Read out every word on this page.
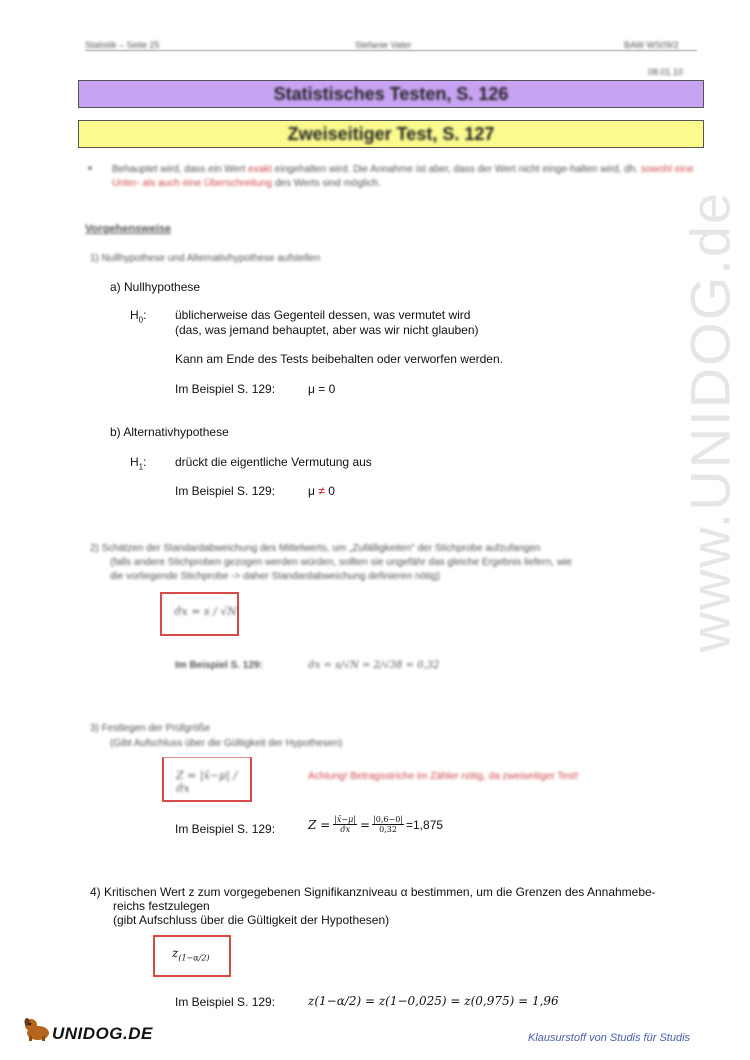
www.UNIDOG.de
Statistik – Seite 25	Stefanie Vater	BAW WS09/2
08.01.10
Statistisches Testen, S. 126
Zweiseitiger Test, S. 127
■ Behauptet wird, dass ein Wert exakt eingehalten wird. Die Annahme ist aber, dass der Wert nicht einge-halten wird, dh. sowohl eine Unter- als auch eine Überschreitung des Werts sind möglich.
Vorgehensweise
1) Nullhypothese und Alternativhypothese aufstellen
a) Nullhypothese
$H_0$: üblicherweise das Gegenteil dessen, was vermutet wird
(das, was jemand behauptet, aber was wir nicht glauben)
Kann am Ende des Tests beibehalten oder verworfen werden.
Im Beispiel S. 129:	μ = 0
b) Alternativhypothese
$H_1$: drückt die eigentliche Vermutung aus
Im Beispiel S. 129:	μ ≠ 0
2) Schätzen der Standardabweichung des Mittelwerts, um „Zufälligkeiten" der Stichprobe aufzufangen
(falls andere Stichproben gezogen werden würden, sollten sie ungefähr das gleiche Ergebnis liefern, wie
die vorliegende Stichprobe -> daher Standardabweichung definieren nötig)
σ̂x = s / √N
Im Beispiel S. 129:	σ̂x = s/√N = 2/√38 = 0,32
3) Festlegen der Prüfgröße
(Gibt Aufschluss über die Gültigkeit der Hypothesen)
Z = |x̄−μ| / σ̂x
Achtung! Betragsstriche im Zähler nötig, da zweiseitiger Test!
Im Beispiel S. 129:	$Z = \frac{|x̄-\mu|}{\sigmâx} = \frac{|0,6-0|}{0,32} =1,875$
4) Kritischen Wert z zum vorgegebenen Signifikanzniveau α bestimmen, um die Grenzen des Annahmebe-
reichs festzulegen
(gibt Aufschluss über die Gültigkeit der Hypothesen)
$z_{(1-\alpha/2)}$
Im Beispiel S. 129:	z(1−α/2) = z(1−0,025) = z(0,975) = 1,96
UNIDOG.DE	Klausurstoff von Studis für Studis
